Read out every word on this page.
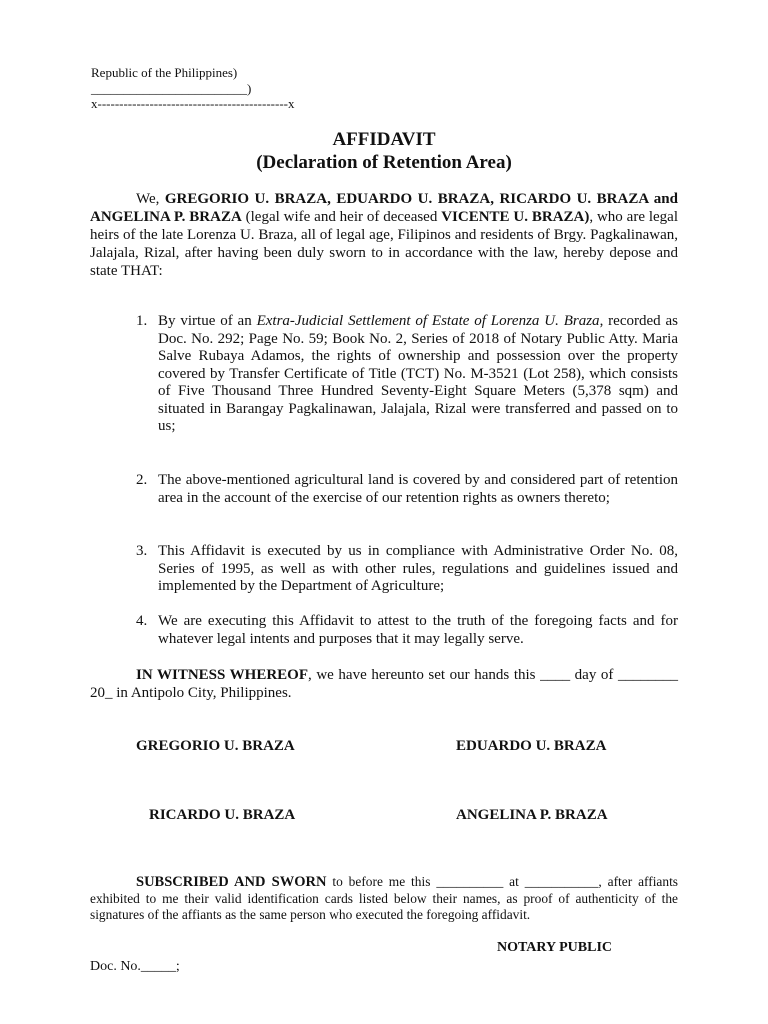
Republic of the Philippines)
________________________)
x--------------------------------------------x
AFFIDAVIT
(Declaration of Retention Area)
We, GREGORIO U. BRAZA, EDUARDO U. BRAZA, RICARDO U. BRAZA and ANGELINA P. BRAZA (legal wife and heir of deceased VICENTE U. BRAZA), who are legal heirs of the late Lorenza U. Braza, all of legal age, Filipinos and residents of Brgy. Pagkalinawan, Jalajala, Rizal, after having been duly sworn to in accordance with the law, hereby depose and state THAT:
1. By virtue of an Extra-Judicial Settlement of Estate of Lorenza U. Braza, recorded as Doc. No. 292; Page No. 59; Book No. 2, Series of 2018 of Notary Public Atty. Maria Salve Rubaya Adamos, the rights of ownership and possession over the property covered by Transfer Certificate of Title (TCT) No. M-3521 (Lot 258), which consists of Five Thousand Three Hundred Seventy-Eight Square Meters (5,378 sqm) and situated in Barangay Pagkalinawan, Jalajala, Rizal were transferred and passed on to us;
2. The above-mentioned agricultural land is covered by and considered part of retention area in the account of the exercise of our retention rights as owners thereto;
3. This Affidavit is executed by us in compliance with Administrative Order No. 08, Series of 1995, as well as with other rules, regulations and guidelines issued and implemented by the Department of Agriculture;
4. We are executing this Affidavit to attest to the truth of the foregoing facts and for whatever legal intents and purposes that it may legally serve.
IN WITNESS WHEREOF, we have hereunto set our hands this ____ day of ________ 20_ in Antipolo City, Philippines.
GREGORIO U. BRAZA	EDUARDO U. BRAZA
RICARDO U. BRAZA	ANGELINA P. BRAZA
SUBSCRIBED AND SWORN to before me this __________ at ___________, after affiants exhibited to me their valid identification cards listed below their names, as proof of authenticity of the signatures of the affiants as the same person who executed the foregoing affidavit.
NOTARY PUBLIC
Doc. No._____;
